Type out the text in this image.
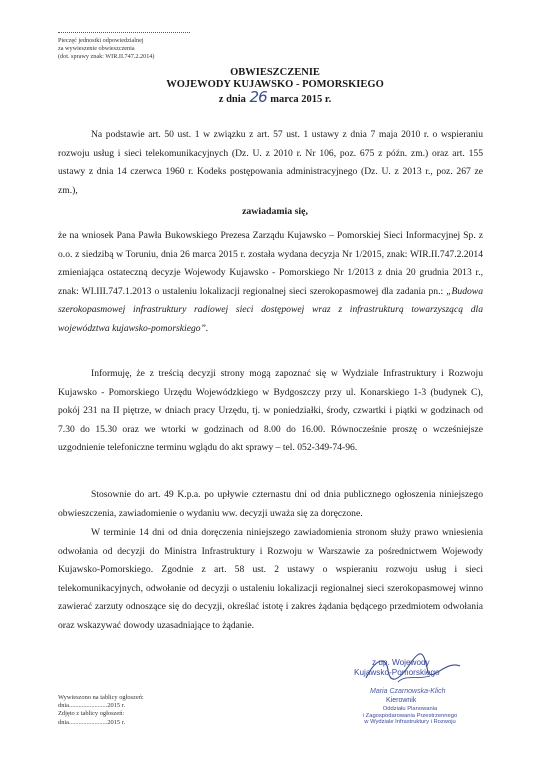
Pieczęć jednostki odpowiedzialnej
za wywieszenie obwieszczenia
(dot. sprawy znak: WIR.II.747.2.2014)
OBWIESZCZENIE
WOJEWODY KUJAWSKO - POMORSKIEGO
z dnia 26 marca 2015 r.
Na podstawie art. 50 ust. 1 w związku z art. 57 ust. 1 ustawy z dnia 7 maja 2010 r. o wspieraniu rozwoju usług i sieci telekomunikacyjnych (Dz. U. z 2010 r. Nr 106, poz. 675 z późn. zm.) oraz art. 155 ustawy z dnia 14 czerwca 1960 r. Kodeks postępowania administracyjnego (Dz. U. z 2013 r., poz. 267 ze zm.),
zawiadamia się,
że na wniosek Pana Pawła Bukowskiego Prezesa Zarządu Kujawsko – Pomorskiej Sieci Informacyjnej Sp. z o.o. z siedzibą w Toruniu, dnia 26 marca 2015 r. została wydana decyzja Nr 1/2015, znak: WIR.II.747.2.2014 zmieniająca ostateczną decyzje Wojewody Kujawsko - Pomorskiego Nr 1/2013 z dnia 20 grudnia 2013 r., znak: WI.III.747.1.2013 o ustaleniu lokalizacji regionalnej sieci szerokopasmowej dla zadania pn.: „Budowa szerokopasmowej infrastruktury radiowej sieci dostępowej wraz z infrastrukturą towarzyszącą dla województwa kujawsko-pomorskiego”.
Informuję, że z treścią decyzji strony mogą zapoznać się w Wydziale Infrastruktury i Rozwoju Kujawsko - Pomorskiego Urzędu Wojewódzkiego w Bydgoszczy przy ul. Konarskiego 1-3 (budynek C), pokój 231 na II piętrze, w dniach pracy Urzędu, tj. w poniedziałki, środy, czwartki i piątki w godzinach od 7.30 do 15.30 oraz we wtorki w godzinach od 8.00 do 16.00. Równocześnie proszę o wcześniejsze uzgodnienie telefoniczne terminu wglądu do akt sprawy – tel. 052-349-74-96.
Stosownie do art. 49 K.p.a. po upływie czternastu dni od dnia publicznego ogłoszenia niniejszego obwieszczenia, zawiadomienie o wydaniu ww. decyzji uważa się za doręczone.
W terminie 14 dni od dnia doręczenia niniejszego zawiadomienia stronom służy prawo wniesienia odwołania od decyzji do Ministra Infrastruktury i Rozwoju w Warszawie za pośrednictwem Wojewody Kujawsko-Pomorskiego. Zgodnie z art. 58 ust. 2 ustawy o wspieraniu rozwoju usług i sieci telekomunikacyjnych, odwołanie od decyzji o ustaleniu lokalizacji regionalnej sieci szerokopasmowej winno zawierać zarzuty odnoszące się do decyzji, określać istotę i zakres żądania będącego przedmiotem odwołania oraz wskazywać dowody uzasadniające to żądanie.
z up. Wojewody
Kujawsko-Pomorskiego
Maria Czarnowska-Klich
Kierownik
Oddziału Planowania
i Zagospodarowania Przestrzennego
w Wydziale Infrastruktury i Rozwoju
Wywieszono na tablicy ogłoszeń:
dnia........................2015 r.
Zdjęto z tablicy ogłoszeń:
dnia........................2015 r.
